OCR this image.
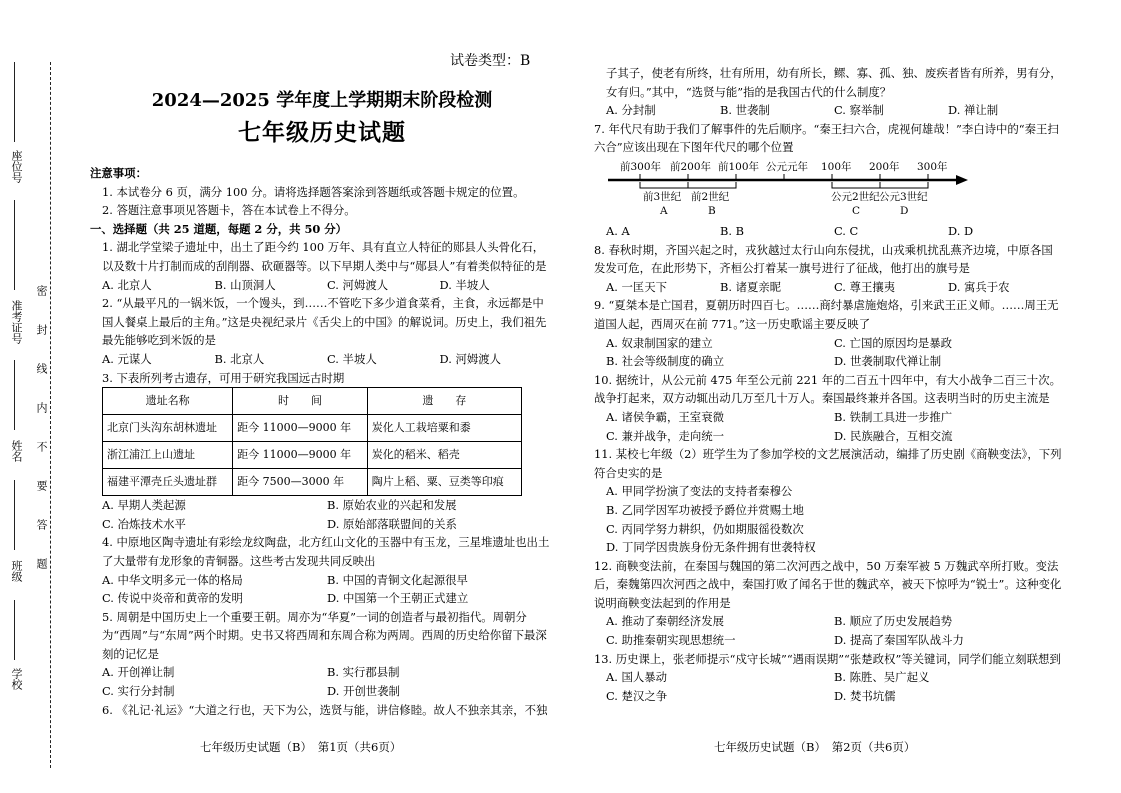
座位号
准考证号
姓名
班级
学校
密封线内不要答题
试卷类型：B
2024—2025 学年度上学期期末阶段检测
七年级历史试题

注意事项：

1. 本试卷分 6 页，满分 100 分。请将选择题答案涂到答题纸或答题卡规定的位置。

2. 答题注意事项见答题卡，答在本试卷上不得分。

一、选择题（共 25 道题，每题 2 分，共 50 分）

1. 湖北学堂梁子遗址中，出土了距今约 100 万年、具有直立人特征的郧县人头骨化石，以及数十片打制而成的刮削器、砍砸器等。以下早期人类中与“郧县人”有着类似特征的是

A. 北京人	B. 山顶洞人	C. 河姆渡人	D. 半坡人

2. “从最平凡的一锅米饭，一个馒头，到……不管吃下多少道食菜肴，主食，永远都是中国人餐桌上最后的主角。”这是央视纪录片《舌尖上的中国》的解说词。历史上，我们祖先最先能够吃到米饭的是

A. 元谋人	B. 北京人	C. 半坡人	D. 河姆渡人

3. 下表所列考古遗存，可用于研究我国远古时期

遗址名称	时　　间	遗　　存
北京门头沟东胡林遗址	距今 11000—9000 年	炭化人工栽培粟和黍
浙江浦江上山遗址	距今 11000—9000 年	炭化的稻米、稻壳
福建平潭壳丘头遗址群	距今 7500—3000 年	陶片上稻、粟、豆类等印痕
A. 早期人类起源	B. 原始农业的兴起和发展
C. 冶炼技术水平	D. 原始部落联盟间的关系

4. 中原地区陶寺遗址有彩绘龙纹陶盘，北方红山文化的玉器中有玉龙，三星堆遗址也出土了大量带有龙形象的青铜器。这些考古发现共同反映出

A. 中华文明多元一体的格局	B. 中国的青铜文化起源很早
C. 传说中炎帝和黄帝的发明	D. 中国第一个王朝正式建立

5. 周朝是中国历史上一个重要王朝。周亦为“华夏”一词的创造者与最初指代。周朝分为“西周”与“东周”两个时期。史书又将西周和东周合称为两周。西周的历史给你留下最深刻的记忆是

A. 开创禅让制	B. 实行郡县制
C. 实行分封制	D. 开创世袭制

6. 《礼记·礼运》“大道之行也，天下为公，选贤与能，讲信修睦。故人不独亲其亲，不独

七年级历史试题（B）　第1页（共6页）

子其子，使老有所终，壮有所用，幼有所长，鳏、寡、孤、独、废疾者皆有所养，男有分，女有归。”其中，“选贤与能”指的是我国古代的什么制度？

A. 分封制	B. 世袭制	C. 察举制	D. 禅让制

7. 年代尺有助于我们了解事件的先后顺序。“秦王扫六合，虎视何雄哉！”李白诗中的“秦王扫六合”应该出现在下图年代尺的哪个位置

前300年 前200年 前100年 公元元年 100年 200年 300年
前3世纪 前2世纪	公元2世纪 公元3世纪
A	B	C	D
A. A	B. B	C. C	D. D

8. 春秋时期，齐国兴起之时，戎狄越过太行山向东侵扰，山戎乘机扰乱燕齐边境，中原各国发发可危，在此形势下，齐桓公打着某一旗号进行了征战，他打出的旗号是

A. 一匡天下	B. 诸夏亲昵	C. 尊王攘夷	D. 寓兵于农

9. “夏桀本是亡国君，夏朝历时四百七。……商纣暴虐施炮烙，引来武王正义师。……周王无道国人起，西周灭在前 771。”这一历史歌谣主要反映了

A. 奴隶制国家的建立	C. 亡国的原因均是暴政
B. 社会等级制度的确立	D. 世袭制取代禅让制

10. 据统计，从公元前 475 年至公元前 221 年的二百五十四年中，有大小战争二百三十次。战争打起来，双方动辄出动几万至几十万人。秦国最终兼并各国。这表明当时的历史主流是

A. 诸侯争霸，王室衰微	B. 铁制工具进一步推广
C. 兼并战争，走向统一	D. 民族融合，互相交流

11. 某校七年级（2）班学生为了参加学校的文艺展演活动，编排了历史剧《商鞅变法》，下列符合史实的是

A. 甲同学扮演了变法的支持者秦穆公

B. 乙同学因军功被授予爵位并赏赐土地

C. 丙同学努力耕织，仍如期服徭役数次

D. 丁同学因贵族身份无条件拥有世袭特权

12. 商鞅变法前，在秦国与魏国的第二次河西之战中，50 万秦军被 5 万魏武卒所打败。变法后，秦魏第四次河西之战中，秦国打败了闻名于世的魏武卒，被天下惊呼为“锐士”。这种变化说明商鞅变法起到的作用是

A. 推动了秦朝经济发展	B. 顺应了历史发展趋势
C. 助推秦朝实现思想统一	D. 提高了秦国军队战斗力

13. 历史课上，张老师提示“戍守长城”“遇雨误期”“张楚政权”等关键词，同学们能立刻联想到

A. 国人暴动	B. 陈胜、吴广起义
C. 楚汉之争	D. 焚书坑儒
七年级历史试题（B）　第2页（共6页）
